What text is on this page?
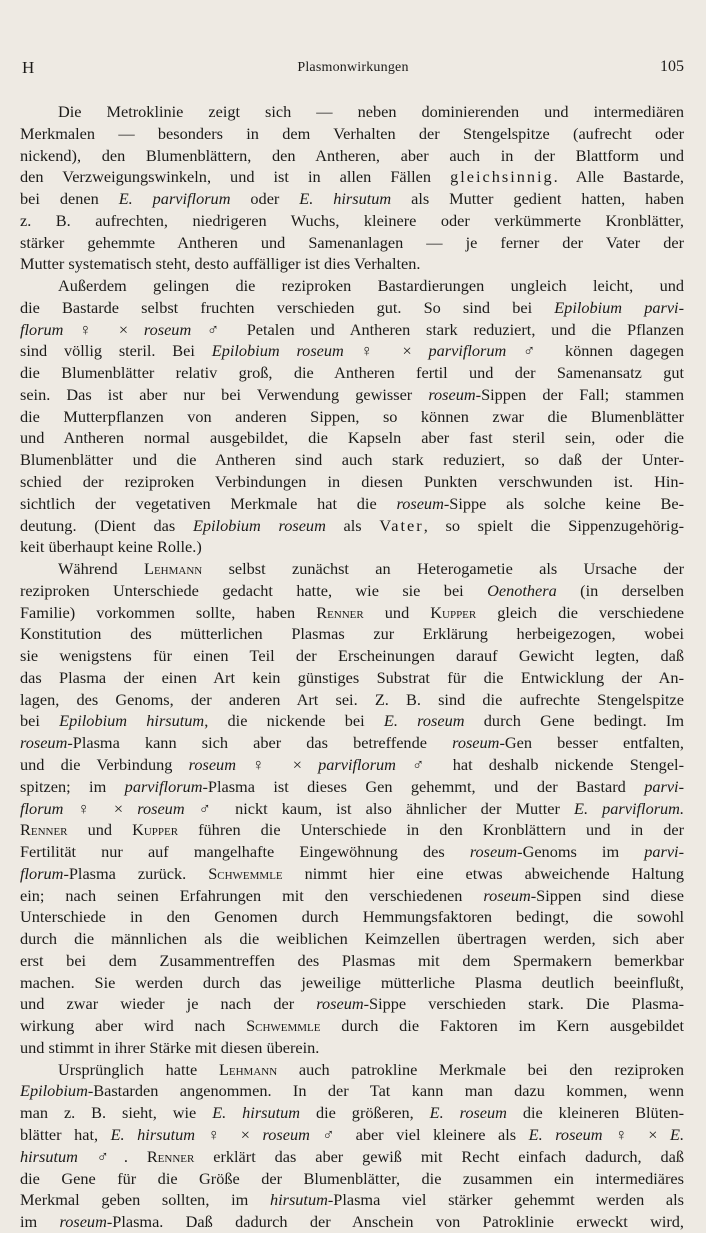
H	Plasmonwirkungen	105
Die Metroklinie zeigt sich — neben dominierenden und intermediären
Merkmalen — besonders in dem Verhalten der Stengelspitze (aufrecht oder
nickend), den Blumenblättern, den Antheren, aber auch in der Blattform und
den Verzweigungswinkeln, und ist in allen Fällen gleichsinnig. Alle Bastarde,
bei denen E. parviflorum oder E. hirsutum als Mutter gedient hatten, haben
z. B. aufrechten, niedrigeren Wuchs, kleinere oder verkümmerte Kronblätter,
stärker gehemmte Antheren und Samenanlagen — je ferner der Vater der
Mutter systematisch steht, desto auffälliger ist dies Verhalten.
Außerdem gelingen die reziproken Bastardierungen ungleich leicht, und
die Bastarde selbst fruchten verschieden gut. So sind bei Epilobium parvi-
florum ♀ × roseum ♂ Petalen und Antheren stark reduziert, und die Pflanzen
sind völlig steril. Bei Epilobium roseum ♀ × parviflorum ♂ können dagegen
die Blumenblätter relativ groß, die Antheren fertil und der Samenansatz gut
sein. Das ist aber nur bei Verwendung gewisser roseum-Sippen der Fall; stammen
die Mutterpflanzen von anderen Sippen, so können zwar die Blumenblätter
und Antheren normal ausgebildet, die Kapseln aber fast steril sein, oder die
Blumenblätter und die Antheren sind auch stark reduziert, so daß der Unter-
schied der reziproken Verbindungen in diesen Punkten verschwunden ist. Hin-
sichtlich der vegetativen Merkmale hat die roseum-Sippe als solche keine Be-
deutung. (Dient das Epilobium roseum als Vater, so spielt die Sippenzugehörig-
keit überhaupt keine Rolle.)
Während Lehmann selbst zunächst an Heterogametie als Ursache der
reziproken Unterschiede gedacht hatte, wie sie bei Oenothera (in derselben
Familie) vorkommen sollte, haben Renner und Kupper gleich die verschiedene
Konstitution des mütterlichen Plasmas zur Erklärung herbeigezogen, wobei
sie wenigstens für einen Teil der Erscheinungen darauf Gewicht legten, daß
das Plasma der einen Art kein günstiges Substrat für die Entwicklung der An-
lagen, des Genoms, der anderen Art sei. Z. B. sind die aufrechte Stengelspitze
bei Epilobium hirsutum, die nickende bei E. roseum durch Gene bedingt. Im
roseum-Plasma kann sich aber das betreffende roseum-Gen besser entfalten,
und die Verbindung roseum ♀ × parviflorum ♂ hat deshalb nickende Stengel-
spitzen; im parviflorum-Plasma ist dieses Gen gehemmt, und der Bastard parvi-
florum ♀ × roseum ♂ nickt kaum, ist also ähnlicher der Mutter E. parviflorum.
Renner und Kupper führen die Unterschiede in den Kronblättern und in der
Fertilität nur auf mangelhafte Eingewöhnung des roseum-Genoms im parvi-
florum-Plasma zurück. Schwemmle nimmt hier eine etwas abweichende Haltung
ein; nach seinen Erfahrungen mit den verschiedenen roseum-Sippen sind diese
Unterschiede in den Genomen durch Hemmungsfaktoren bedingt, die sowohl
durch die männlichen als die weiblichen Keimzellen übertragen werden, sich aber
erst bei dem Zusammentreffen des Plasmas mit dem Spermakern bemerkbar
machen. Sie werden durch das jeweilige mütterliche Plasma deutlich beeinflußt,
und zwar wieder je nach der roseum-Sippe verschieden stark. Die Plasma-
wirkung aber wird nach Schwemmle durch die Faktoren im Kern ausgebildet
und stimmt in ihrer Stärke mit diesen überein.
Ursprünglich hatte Lehmann auch patrokline Merkmale bei den reziproken
Epilobium-Bastarden angenommen. In der Tat kann man dazu kommen, wenn
man z. B. sieht, wie E. hirsutum die größeren, E. roseum die kleineren Blüten-
blätter hat, E. hirsutum ♀ × roseum ♂ aber viel kleinere als E. roseum ♀ × E.
hirsutum ♂. Renner erklärt das aber gewiß mit Recht einfach dadurch, daß
die Gene für die Größe der Blumenblätter, die zusammen ein intermediäres
Merkmal geben sollten, im hirsutum-Plasma viel stärker gehemmt werden als
im roseum-Plasma. Daß dadurch der Anschein von Patroklinie erweckt wird,
